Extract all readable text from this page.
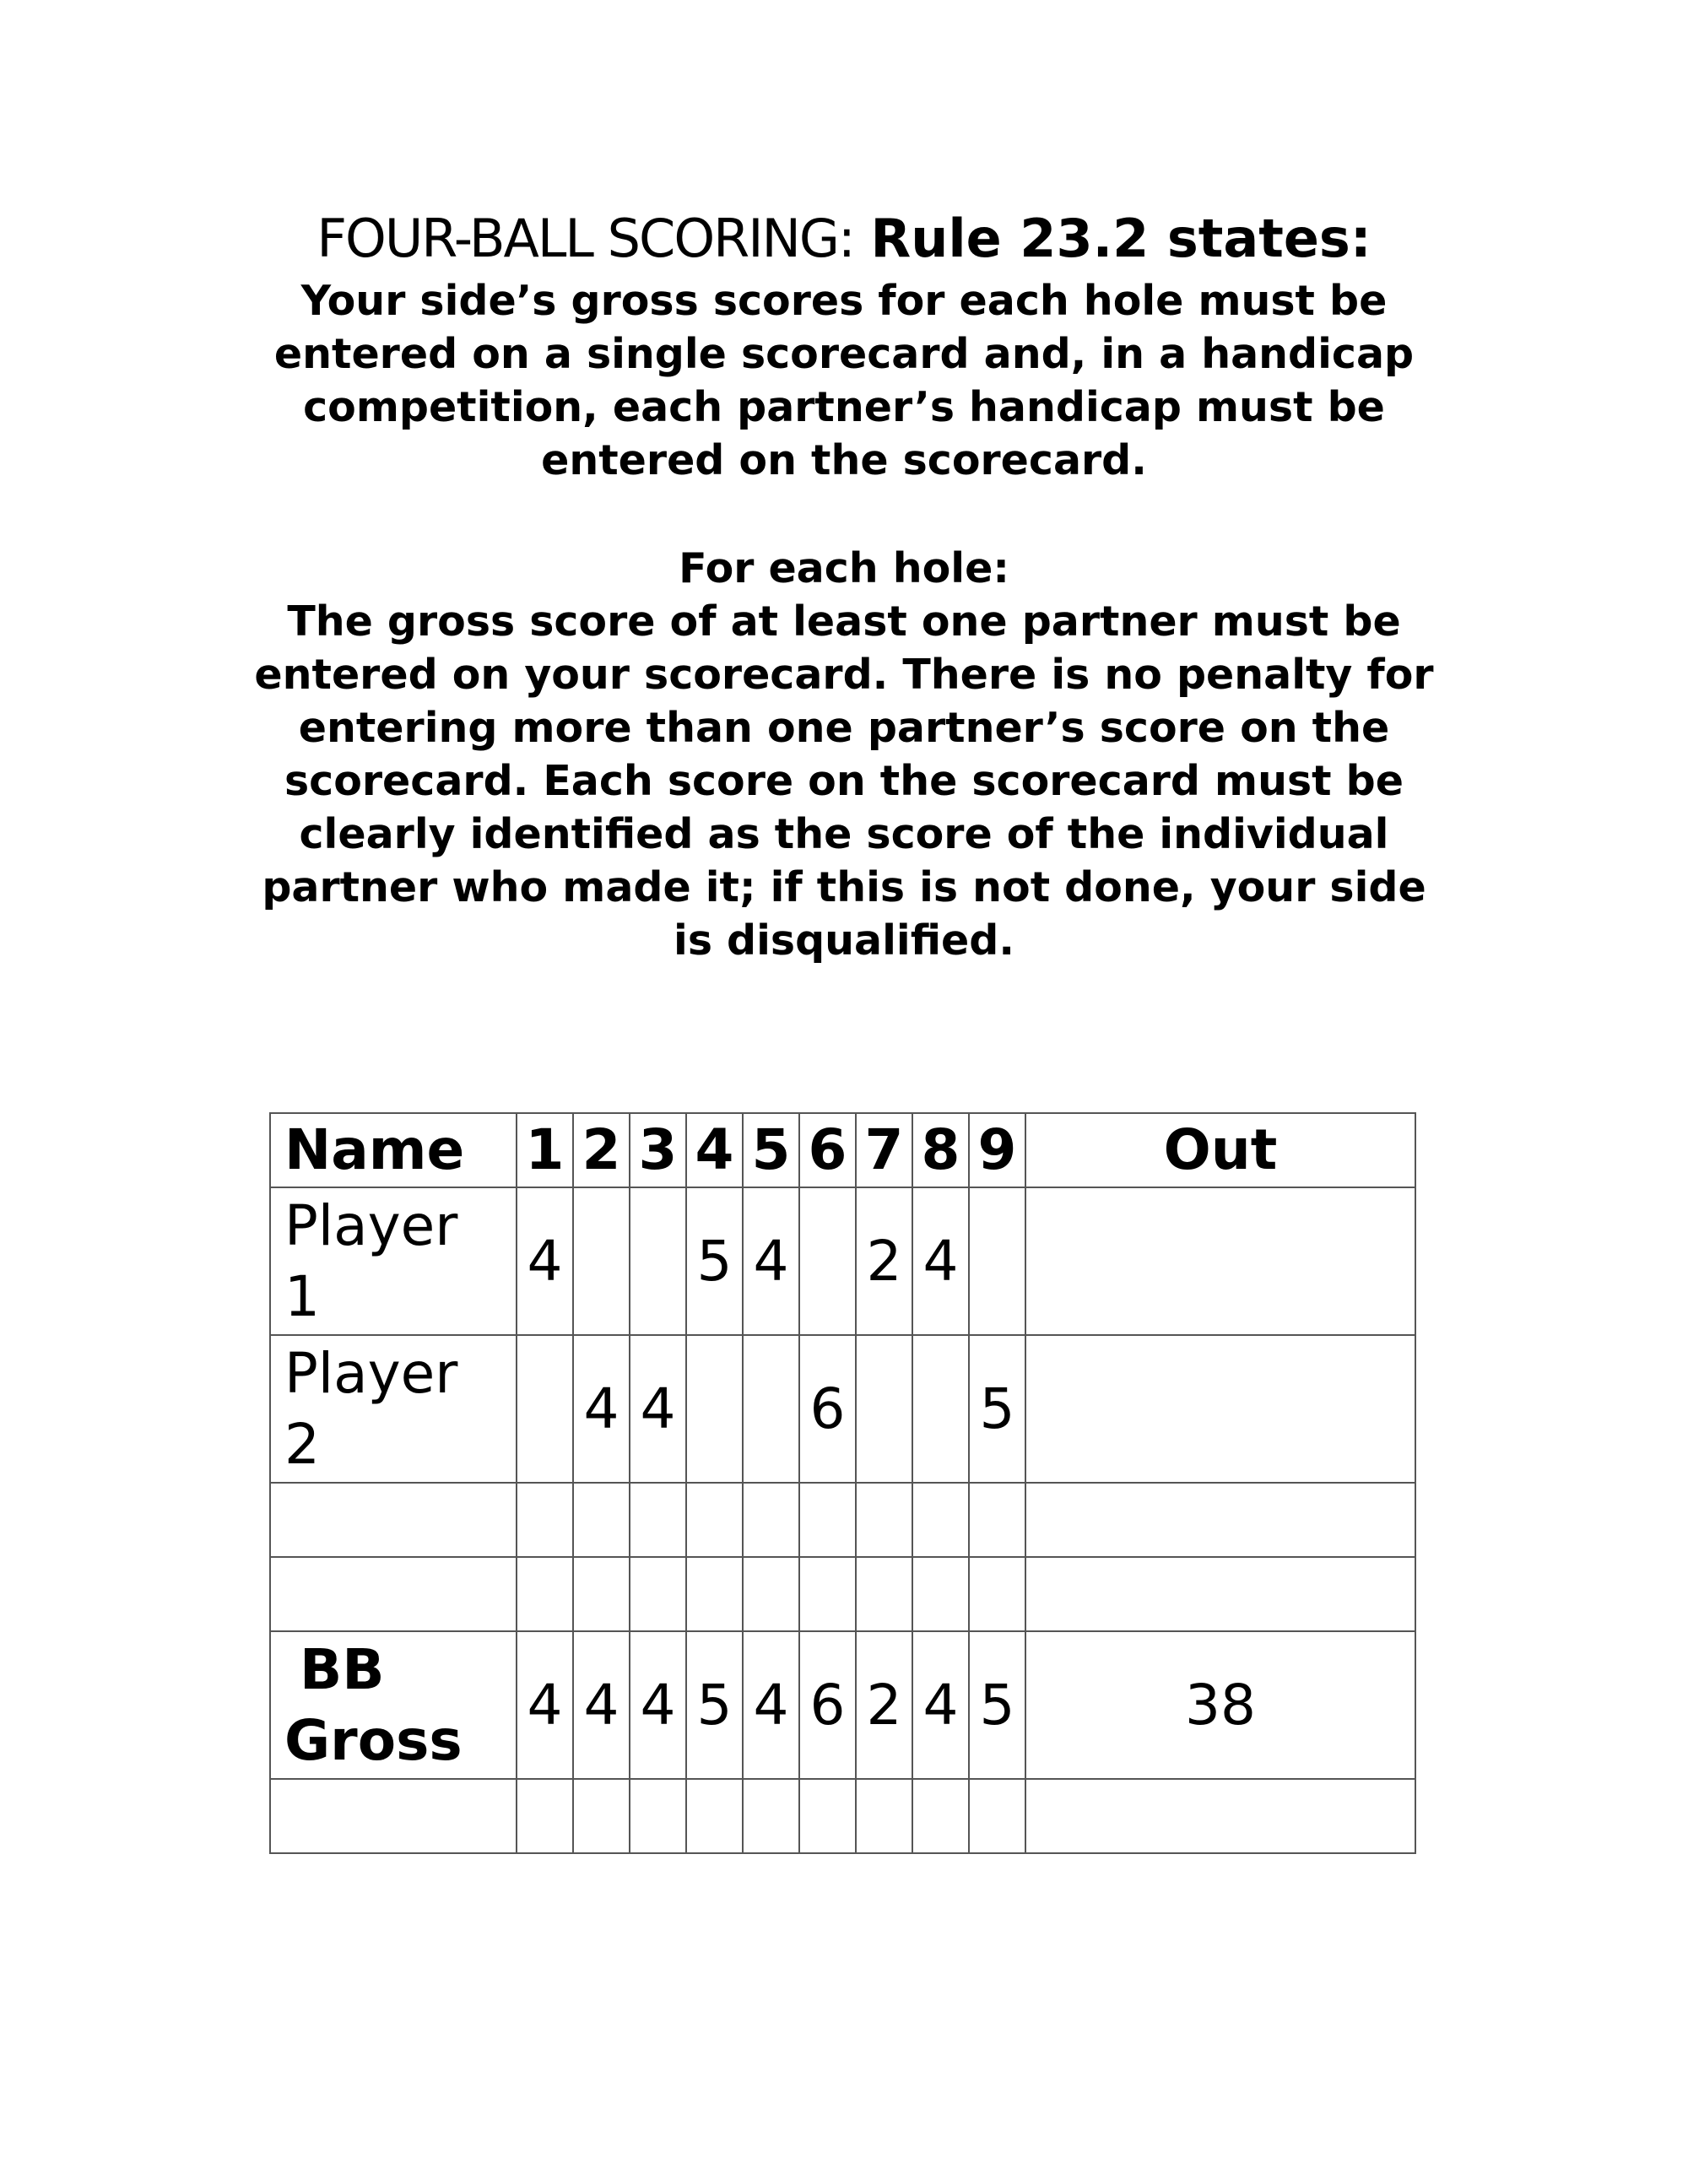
FOUR-BALL SCORING: Rule 23.2 states:
Your side’s gross scores for each hole must be entered on a single scorecard and, in a handicap competition, each partner’s handicap must be entered on the scorecard.
For each hole:
The gross score of at least one partner must be entered on your scorecard. There is no penalty for entering more than one partner’s score on the scorecard. Each score on the scorecard must be clearly identified as the score of the individual partner who made it; if this is not done, your side is disqualified.
Name	1	2	3	4	5	6	7	8	9	Out

Player
1	4			5	4		2	4		

Player
2		4	4			6			5	

BB
Gross	4	4	4	5	4	6	2	4	5	38
